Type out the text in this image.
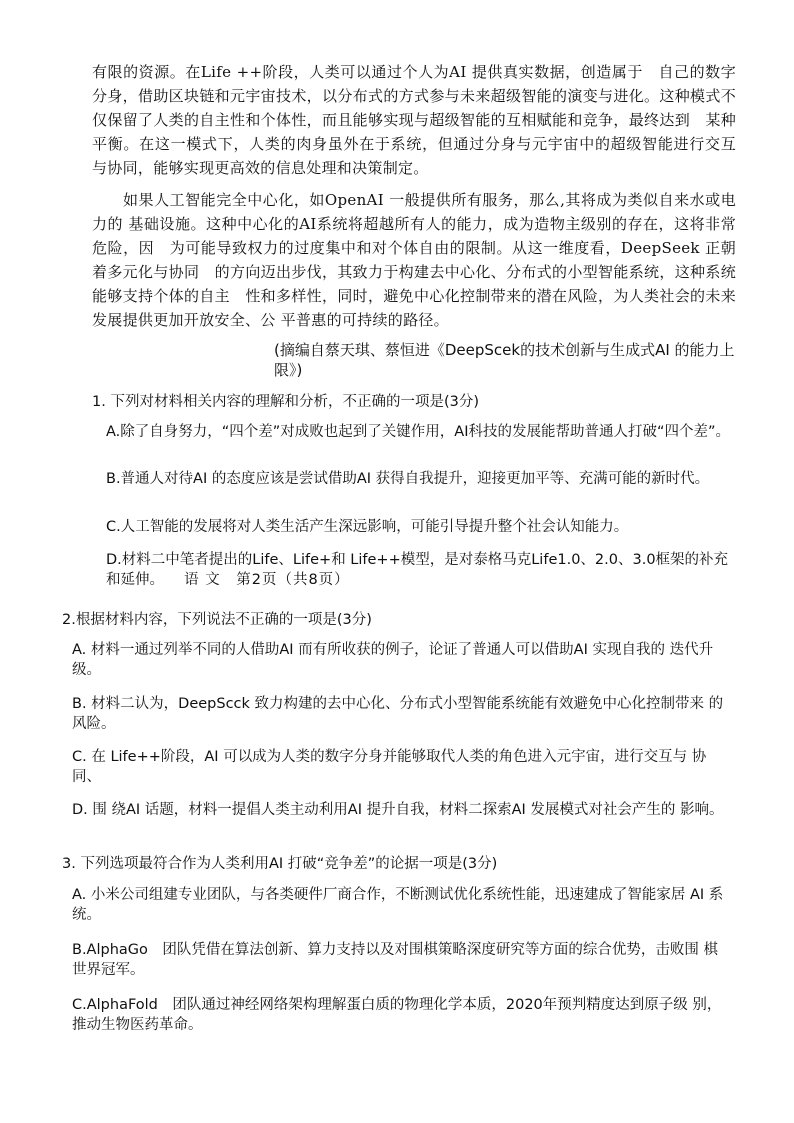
有限的资源。在Life ++阶段，人类可以通过个人为AI 提供真实数据，创造属于　自己的数字分身，借助区块链和元宇宙技术，以分布式的方式参与未来超级智能的演变与进化。这种模式不仅保留了人类的自主性和个体性，而且能够实现与超级智能的互相赋能和竞争，最终达到　某种平衡。在这一模式下，人类的肉身虽外在于系统，但通过分身与元宇宙中的超级智能进行交互　与协同，能够实现更高效的信息处理和决策制定。

如果人工智能完全中心化，如OpenAI 一般提供所有服务，那么,其将成为类似自来水或电力的 基础设施。这种中心化的AI系统将超越所有人的能力，成为造物主级别的存在，这将非常危险，因　为可能导致权力的过度集中和对个体自由的限制。从这一维度看，DeepSeek 正朝着多元化与协同　的方向迈出步伐，其致力于构建去中心化、分布式的小型智能系统，这种系统能够支持个体的自主　性和多样性，同时，避免中心化控制带来的潜在风险，为人类社会的未来发展提供更加开放安全、公 平普惠的可持续的路径。

(摘编自蔡天琪、蔡恒进《DeepScek的技术创新与生成式AI 的能力上限》)

1. 下列对材料相关内容的理解和分析，不正确的一项是(3分)

A.除了自身努力，“四个差”对成败也起到了关键作用，AI科技的发展能帮助普通人打破“四个差”。

B.普通人对待AI 的态度应该是尝试借助AI 获得自我提升，迎接更加平等、充满可能的新时代。

C.人工智能的发展将对人类生活产生深远影响，可能引导提升整个社会认知能力。

D.材料二中笔者提出的Life、Life+和 Life++模型，是对泰格马克Life1.0、2.0、3.0框架的补充和延伸。 　 语 文　 第2页（共8页）

2.根据材料内容，下列说法不正确的一项是(3分)

A. 材料一通过列举不同的人借助AI 而有所收获的例子，论证了普通人可以借助AI 实现自我的 迭代升级。

B. 材料二认为，DeepScck 致力构建的去中心化、分布式小型智能系统能有效避免中心化控制带来 的风险。

C. 在 Life++阶段，AI 可以成为人类的数字分身并能够取代人类的角色进入元宇宙，进行交互与 协同、

D. 围 绕AI 话题，材料一提倡人类主动利用AI 提升自我，材料二探索AI 发展模式对社会产生的 影响。

3. 下列选项最符合作为人类利用AI 打破“竞争差”的论据一项是(3分)

A. 小米公司组建专业团队，与各类硬件厂商合作，不断测试优化系统性能，迅速建成了智能家居 AI 系统。

B.AlphaGo　团队凭借在算法创新、算力支持以及对围棋策略深度研究等方面的综合优势，击败围 棋世界冠军。

C.AlphaFold　团队通过神经网络架构理解蛋白质的物理化学本质，2020年预判精度达到原子级 别，推动生物医药革命。
